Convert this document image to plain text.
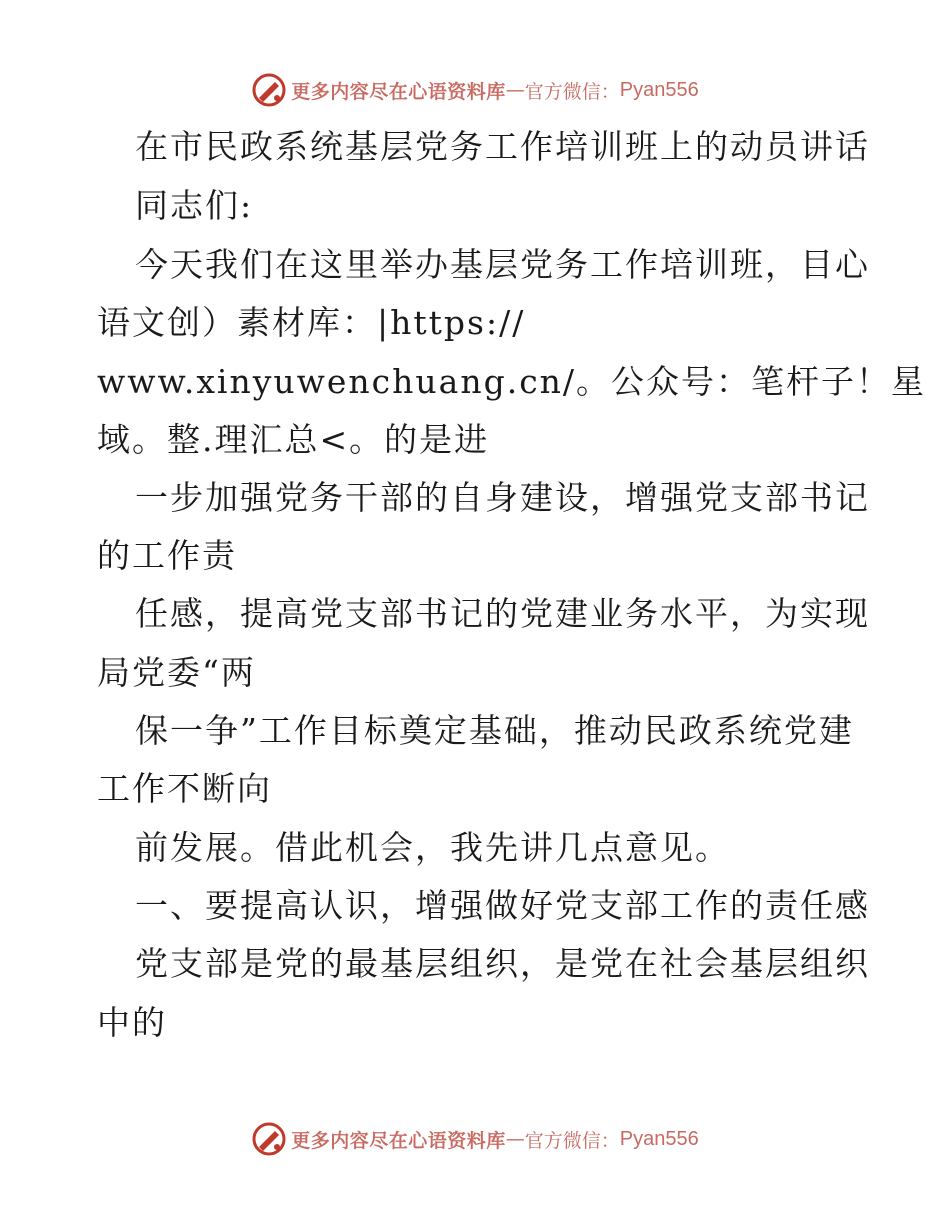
更多内容尽在心语资料库 — 官方微信： Pyan556
在市民政系统基层党务工作培训班上的动员讲话
同志们:
今天我们在这里举办基层党务工作培训班，目心
语文创）素材库：|https://
www.xinyuwenchuang.cn/。公众号：笔杆子！星
域。整.理汇总<。的是进
一步加强党务干部的自身建设，增强党支部书记
的工作责
任感，提高党支部书记的党建业务水平，为实现
局党委“两
保一争”工作目标奠定基础，推动民政系统党建
工作不断向
前发展。借此机会，我先讲几点意见。
一、要提高认识，增强做好党支部工作的责任感
党支部是党的最基层组织，是党在社会基层组织
中的
更多内容尽在心语资料库 — 官方微信： Pyan556
